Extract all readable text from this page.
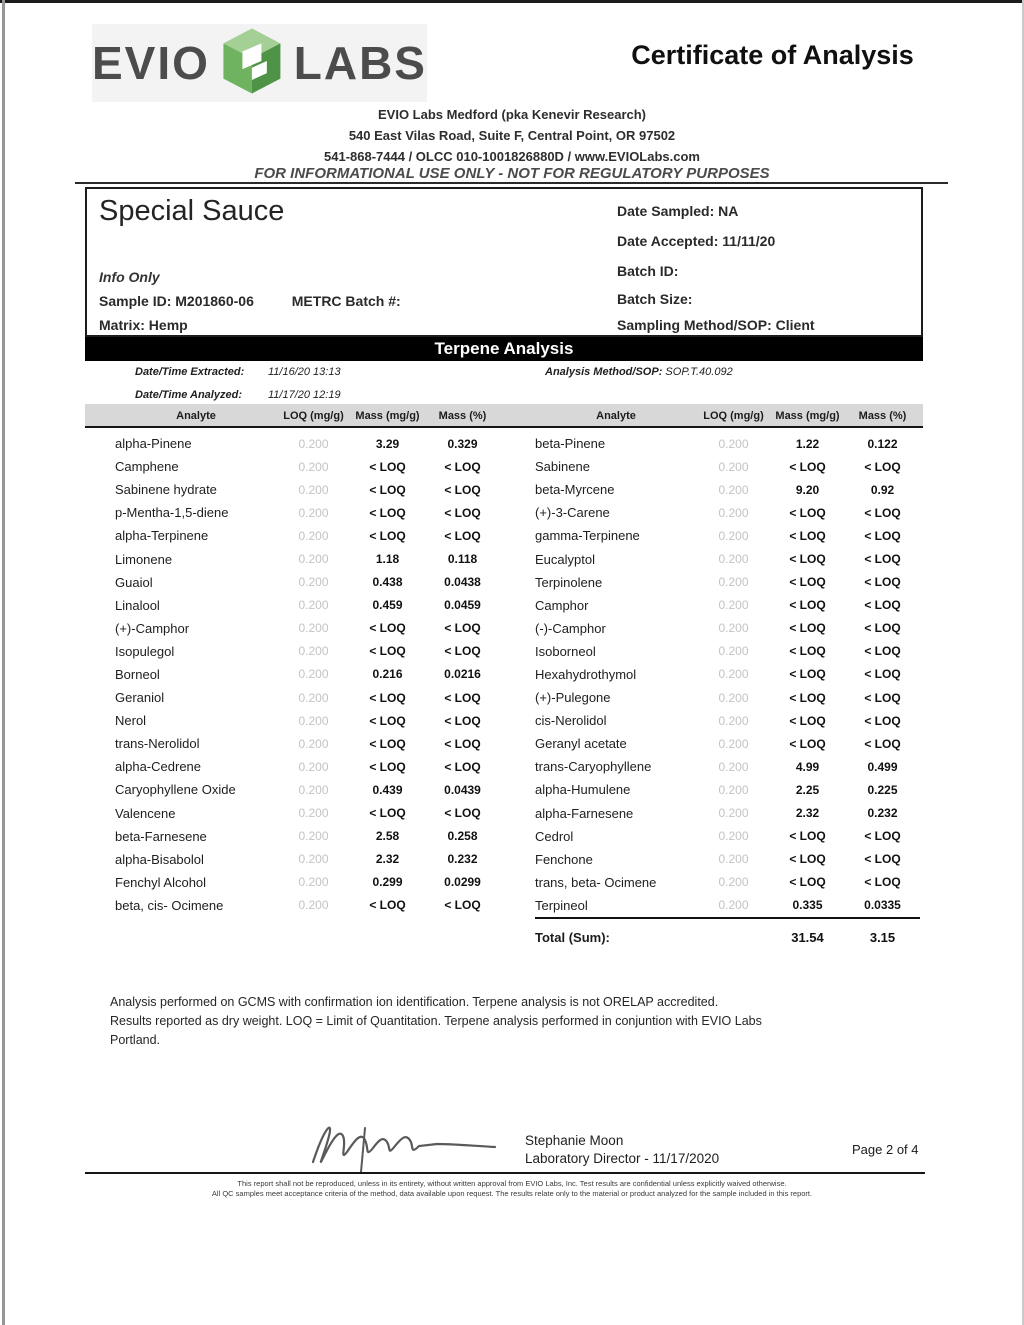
EVIO LABS	Certificate of Analysis
EVIO Labs Medford (pka Kenevir Research)
540 East Vilas Road, Suite F, Central Point, OR 97502
541-868-7444 / OLCC 010-1001826880D / www.EVIOLabs.com
FOR INFORMATIONAL USE ONLY - NOT FOR REGULATORY PURPOSES
Special Sauce
Info Only
Sample ID: M201860-06	METRC Batch #:
Matrix: Hemp
Date Sampled: NA
Date Accepted: 11/11/20
Batch ID:
Batch Size:
Sampling Method/SOP: Client
Terpene Analysis
Date/Time Extracted: 11/16/20 13:13	Analysis Method/SOP: SOP.T.40.092
Date/Time Analyzed: 11/17/20 12:19
Analyte	LOQ (mg/g)	Mass (mg/g)	Mass (%)	Analyte	LOQ (mg/g)	Mass (mg/g)	Mass (%)
alpha-Pinene	0.200	3.29	0.329
Camphene	0.200	< LOQ	< LOQ
Sabinene hydrate	0.200	< LOQ	< LOQ
p-Mentha-1,5-diene	0.200	< LOQ	< LOQ
alpha-Terpinene	0.200	< LOQ	< LOQ
Limonene	0.200	1.18	0.118
Guaiol	0.200	0.438	0.0438
Linalool	0.200	0.459	0.0459
(+)-Camphor	0.200	< LOQ	< LOQ
Isopulegol	0.200	< LOQ	< LOQ
Borneol	0.200	0.216	0.0216
Geraniol	0.200	< LOQ	< LOQ
Nerol	0.200	< LOQ	< LOQ
trans-Nerolidol	0.200	< LOQ	< LOQ
alpha-Cedrene	0.200	< LOQ	< LOQ
Caryophyllene Oxide	0.200	0.439	0.0439
Valencene	0.200	< LOQ	< LOQ
beta-Farnesene	0.200	2.58	0.258
alpha-Bisabolol	0.200	2.32	0.232
Fenchyl Alcohol	0.200	0.299	0.0299
beta, cis- Ocimene	0.200	< LOQ	< LOQ
beta-Pinene	0.200	1.22	0.122
Sabinene	0.200	< LOQ	< LOQ
beta-Myrcene	0.200	9.20	0.92
(+)-3-Carene	0.200	< LOQ	< LOQ
gamma-Terpinene	0.200	< LOQ	< LOQ
Eucalyptol	0.200	< LOQ	< LOQ
Terpinolene	0.200	< LOQ	< LOQ
Camphor	0.200	< LOQ	< LOQ
(-)-Camphor	0.200	< LOQ	< LOQ
Isoborneol	0.200	< LOQ	< LOQ
Hexahydrothymol	0.200	< LOQ	< LOQ
(+)-Pulegone	0.200	< LOQ	< LOQ
cis-Nerolidol	0.200	< LOQ	< LOQ
Geranyl acetate	0.200	< LOQ	< LOQ
trans-Caryophyllene	0.200	4.99	0.499
alpha-Humulene	0.200	2.25	0.225
alpha-Farnesene	0.200	2.32	0.232
Cedrol	0.200	< LOQ	< LOQ
Fenchone	0.200	< LOQ	< LOQ
trans, beta- Ocimene	0.200	< LOQ	< LOQ
Terpineol	0.200	0.335	0.0335
Total (Sum):	31.54	3.15
Analysis performed on GCMS with confirmation ion identification. Terpene analysis is not ORELAP accredited.
Results reported as dry weight. LOQ = Limit of Quantitation. Terpene analysis performed in conjuntion with EVIO Labs
Portland.
Stephanie Moon
Laboratory Director - 11/17/2020
Page 2 of 4
This report shall not be reproduced, unless in its entirety, without written approval from EVIO Labs, Inc. Test results are confidential unless explicitly waived otherwise.
All QC samples meet acceptance criteria of the method, data available upon request. The results relate only to the material or product analyzed for the sample included in this report.
